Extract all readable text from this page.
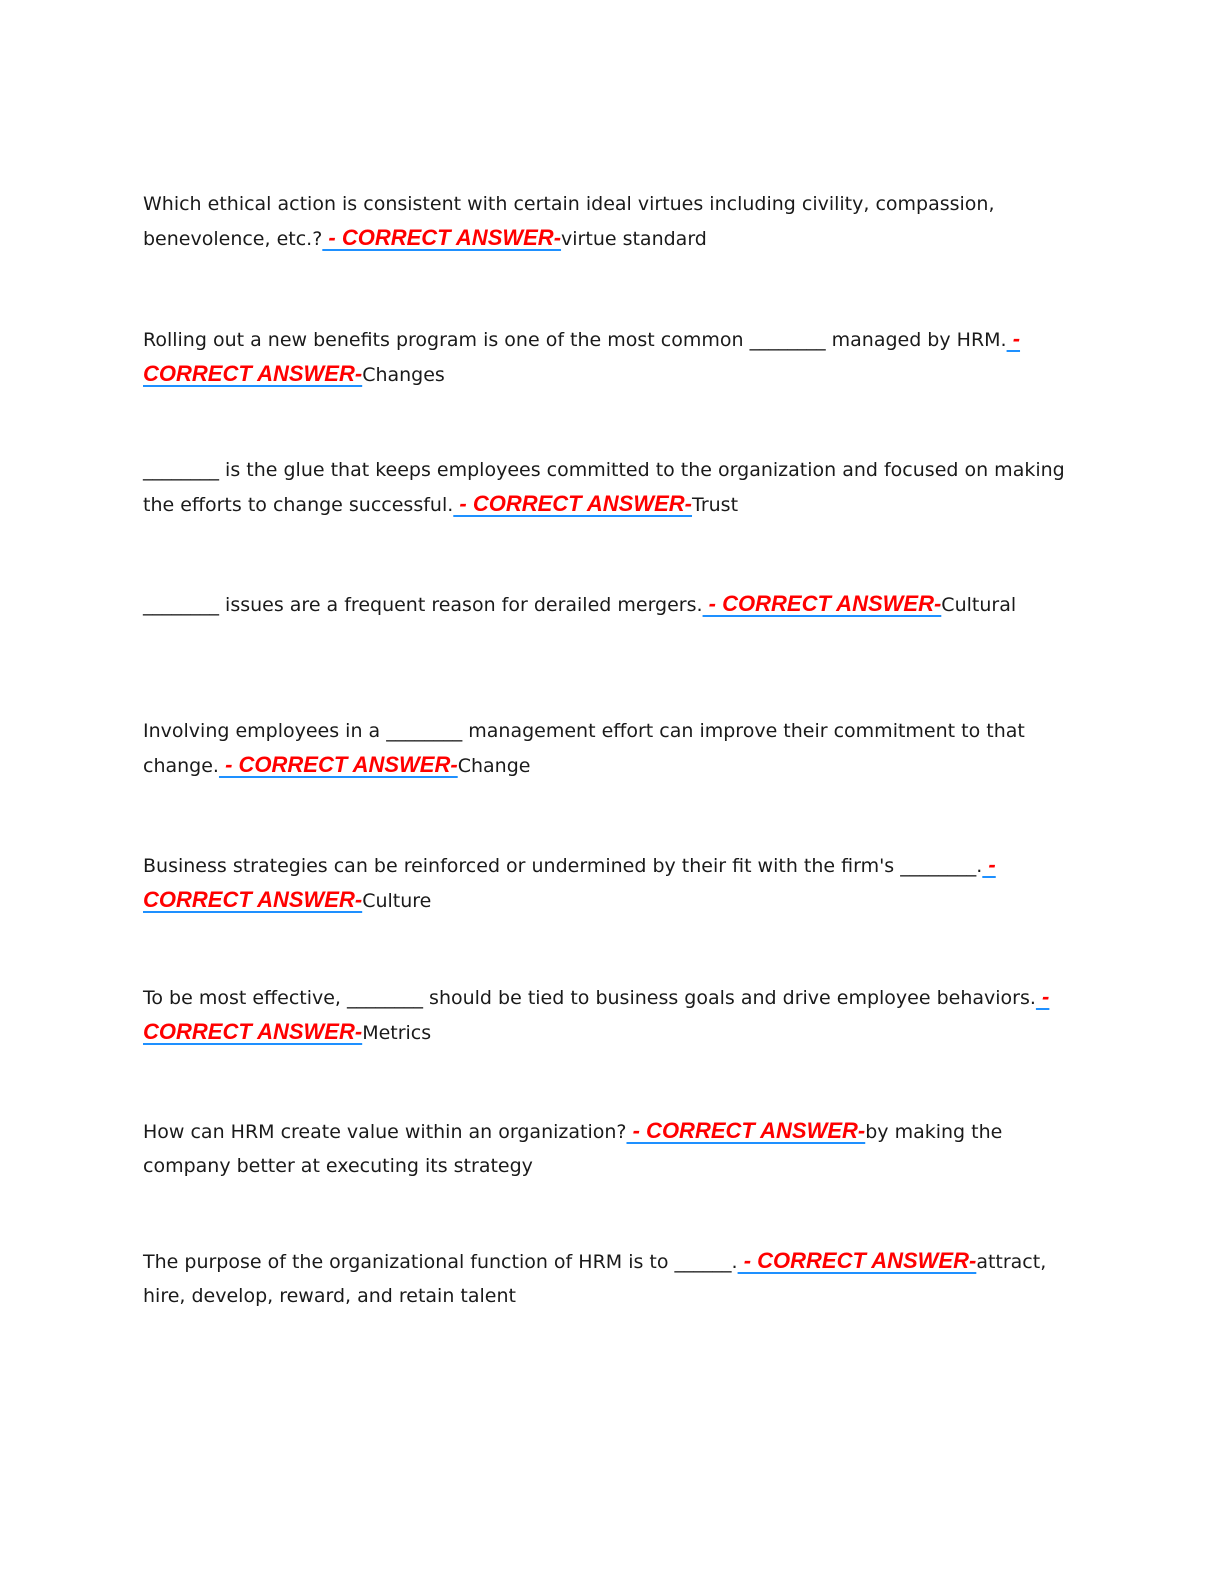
Which ethical action is consistent with certain ideal virtues including civility, compassion, benevolence, etc.? - CORRECT ANSWER-virtue standard

Rolling out a new benefits program is one of the most common ________ managed by HRM. - CORRECT ANSWER-Changes

________ is the glue that keeps employees committed to the organization and focused on making the efforts to change successful. - CORRECT ANSWER-Trust

________ issues are a frequent reason for derailed mergers. - CORRECT ANSWER-Cultural

Involving employees in a ________ management effort can improve their commitment to that change. - CORRECT ANSWER-Change

Business strategies can be reinforced or undermined by their fit with the firm's ________. - CORRECT ANSWER-Culture

To be most effective, ________ should be tied to business goals and drive employee behaviors. - CORRECT ANSWER-Metrics

How can HRM create value within an organization? - CORRECT ANSWER-by making the company better at executing its strategy

The purpose of the organizational function of HRM is to ______. - CORRECT ANSWER-attract, hire, develop, reward, and retain talent
